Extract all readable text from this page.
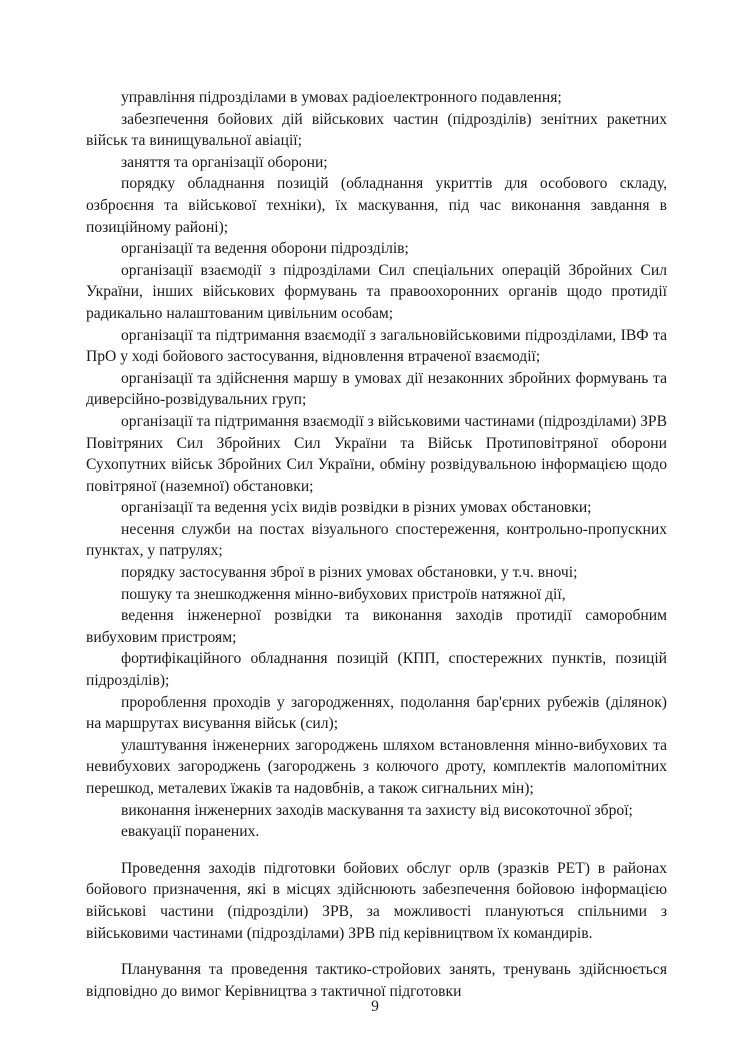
управління підрозділами в умовах радіоелектронного подавлення;

забезпечення бойових дій військових частин (підрозділів) зенітних ракетних військ та винищувальної авіації;

заняття та організації оборони;

порядку обладнання позицій (обладнання укриттів для особового складу, озброєння та військової техніки), їх маскування, під час виконання завдання в позиційному районі);

організації та ведення оборони підрозділів;

організації взаємодії з підрозділами Сил спеціальних операцій Збройних Сил України, інших військових формувань та правоохоронних органів щодо протидії радикально налаштованим цивільним особам;

організації та підтримання взаємодії з загальновійськовими підрозділами, ІВФ та ПрО у ході бойового застосування, відновлення втраченої взаємодії;

організації та здійснення маршу в умовах дії незаконних збройних формувань та диверсійно-розвідувальних груп;

організації та підтримання взаємодії з військовими частинами (підрозділами) ЗРВ Повітряних Сил Збройних Сил України та Військ Протиповітряної оборони Сухопутних військ Збройних Сил України, обміну розвідувальною інформацією щодо повітряної (наземної) обстановки;

організації та ведення усіх видів розвідки в різних умовах обстановки;

несення служби на постах візуального спостереження, контрольно-пропускних пунктах, у патрулях;

порядку застосування зброї в різних умовах обстановки, у т.ч. вночі;

пошуку та знешкодження мінно-вибухових пристроїв натяжної дії,

ведення інженерної розвідки та виконання заходів протидії саморобним вибуховим пристроям;

фортифікаційного обладнання позицій (КПП, спостережних пунктів, позицій підрозділів);

пророблення проходів у загородженнях, подолання бар'єрних рубежів (ділянок) на маршрутах висування військ (сил);

улаштування інженерних загороджень шляхом встановлення мінно-вибухових та невибухових загороджень (загороджень з колючого дроту, комплектів малопомітних перешкод, металевих їжаків та надовбнів, а також сигнальних мін);

виконання інженерних заходів маскування та захисту від високоточної зброї;

евакуації поранених.

Проведення заходів підготовки бойових обслуг орлв (зразків РЕТ) в районах бойового призначення, які в місцях здійснюють забезпечення бойовою інформацією військові частини (підрозділи) ЗРВ, за можливості плануються спільними з військовими частинами (підрозділами) ЗРВ під керівництвом їх командирів.

Планування та проведення тактико-стройових занять, тренувань здійснюється відповідно до вимог Керівництва з тактичної підготовки

9
